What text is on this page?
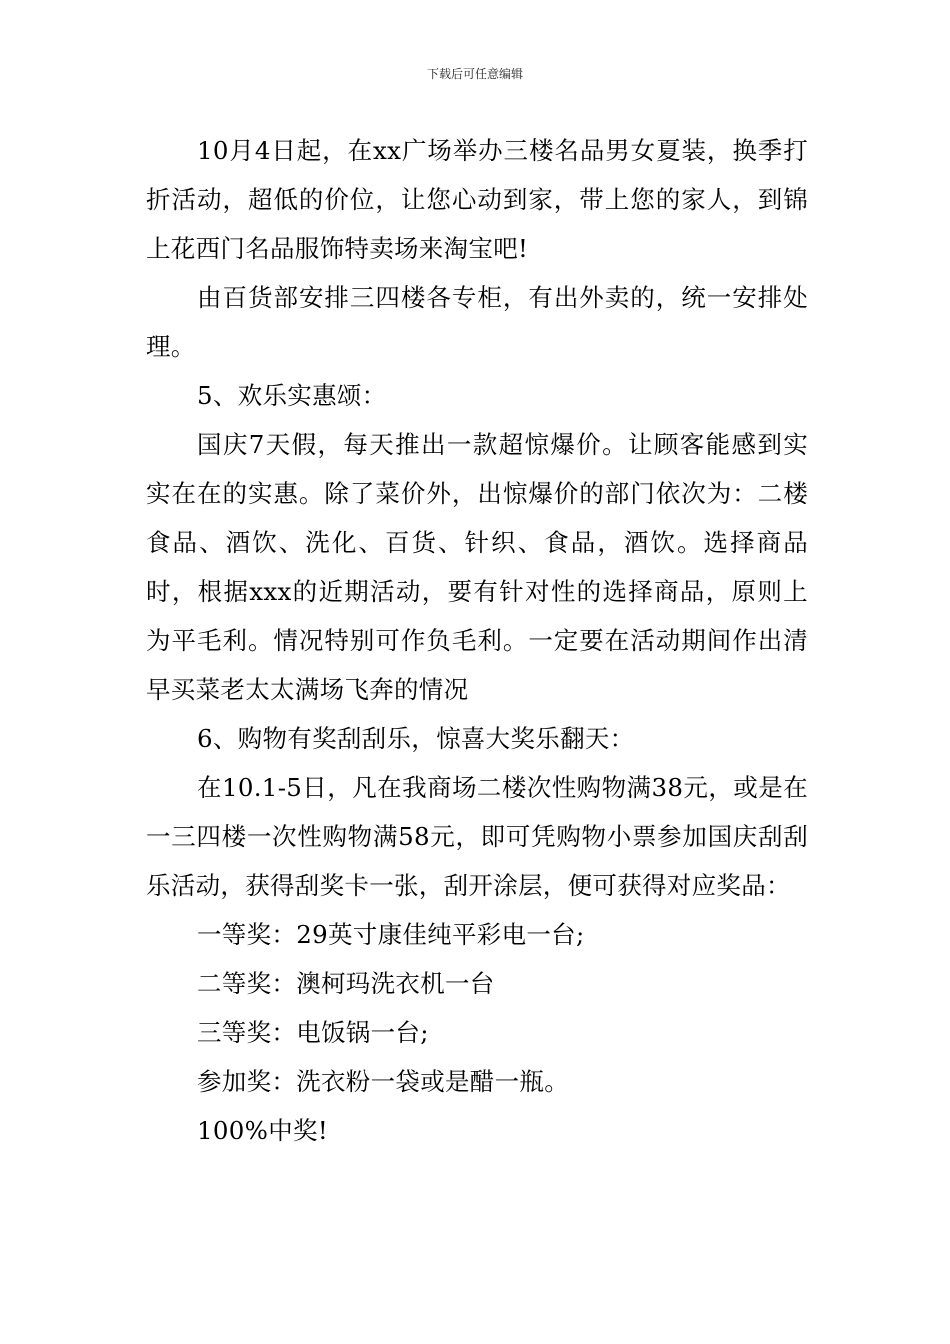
下载后可任意编辑

10月4日起，在xx广场举办三楼名品男女夏装，换季打折活动，超低的价位，让您心动到家，带上您的家人，到锦上花西门名品服饰特卖场来淘宝吧!

由百货部安排三四楼各专柜，有出外卖的，统一安排处理。

5、欢乐实惠颂：

国庆7天假，每天推出一款超惊爆价。让顾客能感到实实在在的实惠。除了菜价外，出惊爆价的部门依次为：二楼食品、酒饮、洗化、百货、针织、食品，酒饮。选择商品时，根据xxx的近期活动，要有针对性的选择商品，原则上为平毛利。情况特别可作负毛利。一定要在活动期间作出清早买菜老太太满场飞奔的情况

6、购物有奖刮刮乐，惊喜大奖乐翻天：

在10.1-5日，凡在我商场二楼次性购物满38元，或是在一三四楼一次性购物满58元，即可凭购物小票参加国庆刮刮乐活动，获得刮奖卡一张，刮开涂层，便可获得对应奖品：

一等奖：29英寸康佳纯平彩电一台;

二等奖：澳柯玛洗衣机一台

三等奖：电饭锅一台;

参加奖：洗衣粉一袋或是醋一瓶。

100%中奖!
